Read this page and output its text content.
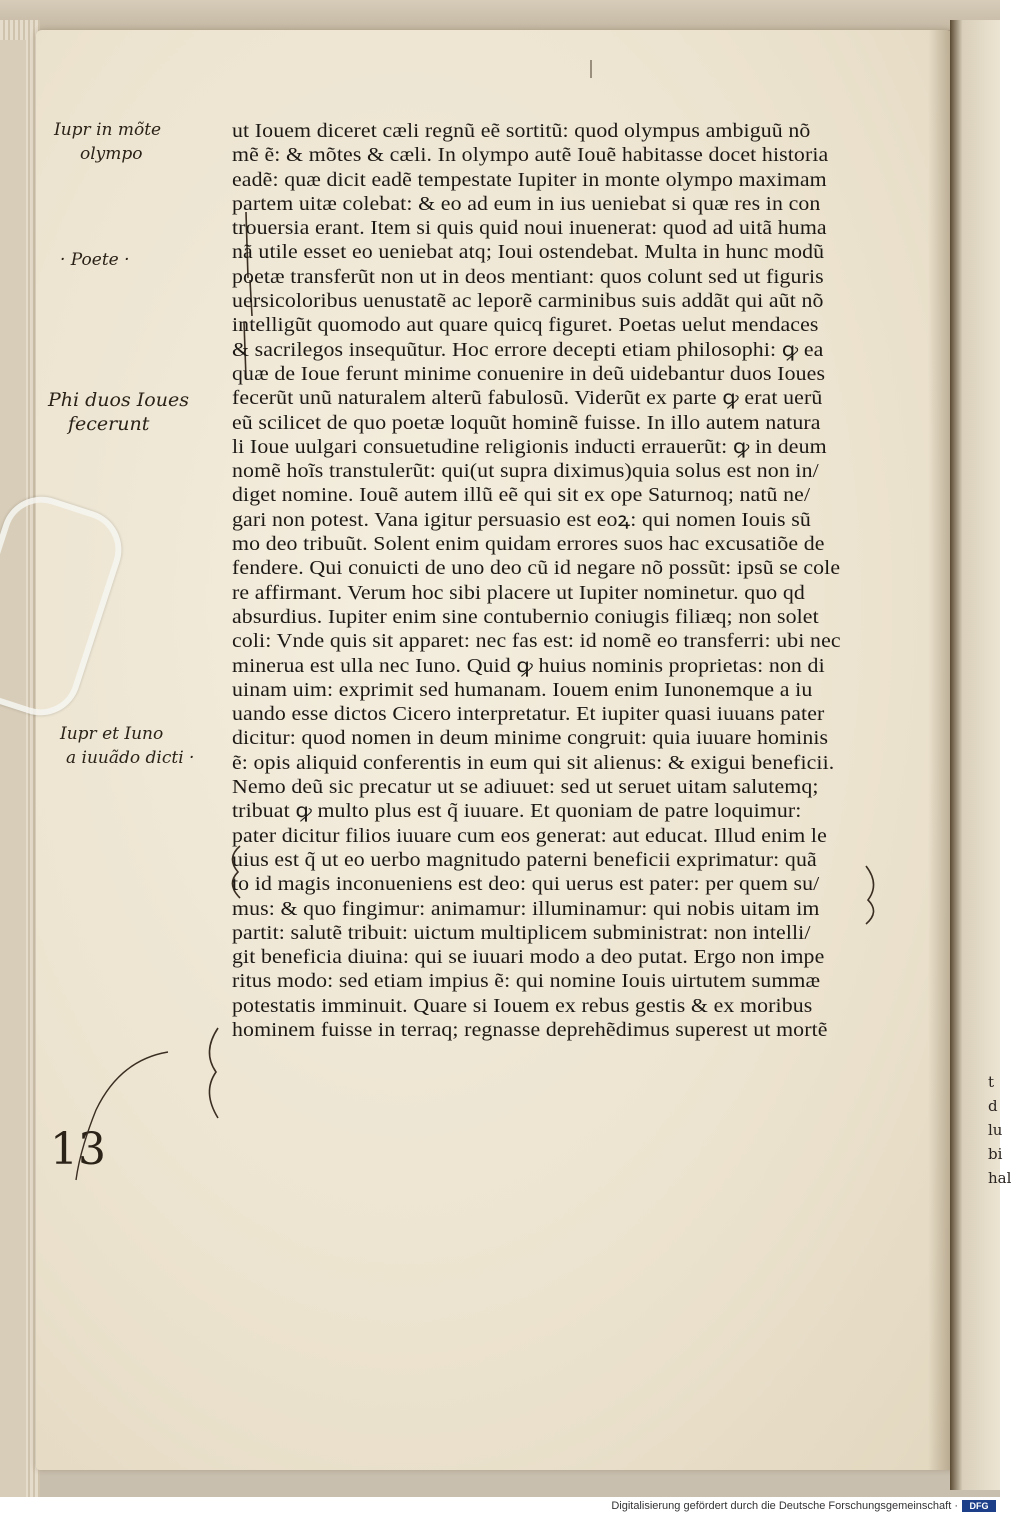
t
d
lu
bi
hal
Iupr in mõte
olympo
· Poete ·
Phi duos Ioues
fecerunt
Iupr et Iuno
a iuuãdo dicti ·
13
ut Iouem diceret cæli regnũ eẽ sortitũ: quod olympus ambiguũ nõ
mẽ ẽ: & mõtes & cæli. In olympo autẽ Iouẽ habitasse docet historia
eadẽ: quæ dicit eadẽ tempestate Iupiter in monte olympo maximam
partem uitæ colebat: & eo ad eum in ius ueniebat si quæ res in con
trouersia erant. Item si quis quid noui inuenerat: quod ad uitã huma
nã utile esset eo ueniebat atq; Ioui ostendebat. Multa in hunc modũ
poetæ transferũt non ut in deos mentiant: quos colunt sed ut figuris
uersicoloribus uenustatẽ ac leporẽ carminibus suis addãt qui aũt nõ
intelligũt quomodo aut quare quicq figuret. Poetas uelut mendaces
& sacrilegos insequũtur. Hoc errore decepti etiam philosophi: ꝙ ea
quæ de Ioue ferunt minime conuenire in deũ uidebantur duos Ioues
fecerũt unũ naturalem alterũ fabulosũ. Viderũt ex parte ꝙ erat uerũ
eũ scilicet de quo poetæ loquũt hominẽ fuisse. In illo autem natura
li Ioue uulgari consuetudine religionis inducti errauerũt: ꝙ in deum
nomẽ hoĩs transtulerũt: qui(ut supra diximus)quia solus est non in/
diget nomine. Iouẽ autem illũ eẽ qui sit ex ope Saturnoq; natũ ne/
gari non potest. Vana igitur persuasio est eoꝝ: qui nomen Iouis sũ
mo deo tribuũt. Solent enim quidam errores suos hac excusatiõe de
fendere. Qui conuicti de uno deo cũ id negare nõ possũt: ipsũ se cole
re affirmant. Verum hoc sibi placere ut Iupiter nominetur. quo qd
absurdius. Iupiter enim sine contubernio coniugis filiæq; non solet
coli: Vnde quis sit apparet: nec fas est: id nomẽ eo transferri: ubi nec
minerua est ulla nec Iuno. Quid ꝙ huius nominis proprietas: non di
uinam uim: exprimit sed humanam. Iouem enim Iunonemque a iu
uando esse dictos Cicero interpretatur. Et iupiter quasi iuuans pater
dicitur: quod nomen in deum minime congruit: quia iuuare hominis
ẽ: opis aliquid conferentis in eum qui sit alienus: & exigui beneficii.
Nemo deũ sic precatur ut se adiuuet: sed ut seruet uitam salutemq;
tribuat ꝙ multo plus est q̃ iuuare. Et quoniam de patre loquimur:
pater dicitur filios iuuare cum eos generat: aut educat. Illud enim le
uius est q̃ ut eo uerbo magnitudo paterni beneficii exprimatur: quã
to id magis inconueniens est deo: qui uerus est pater: per quem su/
mus: & quo fingimur: animamur: illuminamur: qui nobis uitam im
partit: salutẽ tribuit: uictum multiplicem subministrat: non intelli/
git beneficia diuina: qui se iuuari modo a deo putat. Ergo non impe
ritus modo: sed etiam impius ẽ: qui nomine Iouis uirtutem summæ
potestatis imminuit. Quare si Iouem ex rebus gestis & ex moribus
hominem fuisse in terraq; regnasse deprehẽdimus superest ut mortẽ
Digitalisierung gefördert durch die Deutsche Forschungsgemeinschaft ·	DFG
